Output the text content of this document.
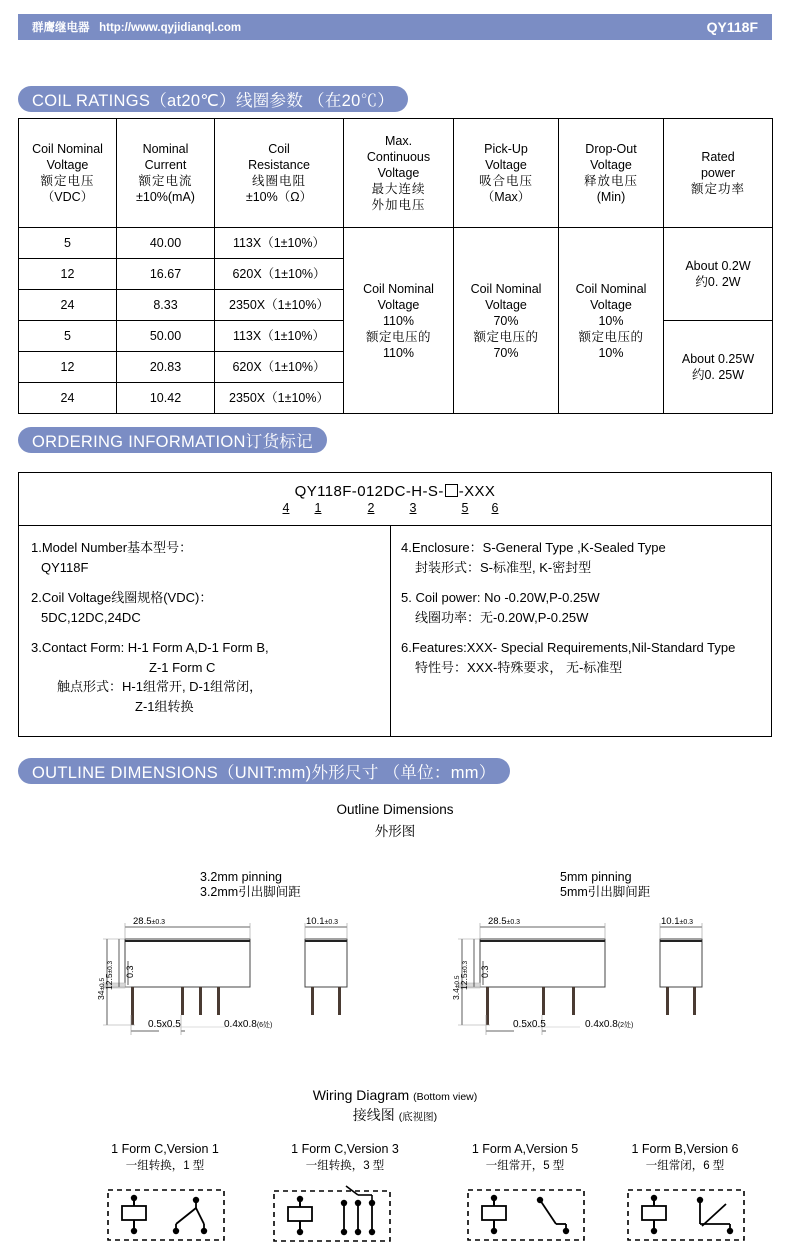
群鹰继电器 http://www.qyjidianql.com	QY118F
COIL RATINGS（at20℃）线圈参数 （在20℃）
Coil Nominal
Voltage
额定电压
（VDC）	Nominal
Current
额定电流
±10%(mA)	Coil
Resistance
线圈电阻
±10%（Ω）	Max.
Continuous
Voltage
最大连续
外加电压	Pick-Up
Voltage
吸合电压
（Max）	Drop-Out
Voltage
释放电压
(Min)	Rated
power
额定功率
5	40.00	113X（1±10%）	Coil Nominal
Voltage
110%
额定电压的
110%	Coil Nominal
Voltage
70%
额定电压的
70%	Coil Nominal
Voltage
10%
额定电压的
10%	About 0.2W
约0. 2W
12	16.67	620X（1±10%）				
24	8.33	2350X（1±10%）				
5	50.00	113X（1±10%）				About 0.25W
约0. 25W
12	20.83	620X（1±10%）				
24	10.42	2350X（1±10%）				
ORDERING INFORMATION订货标记
QY118F-012DC-H-S- -XXX
1	2	3
4	5 6
1.Model Number基本型号：
QY118F
2.Coil Voltage线圈规格(VDC)：
5DC,12DC,24DC
3.Contact Form: H-1 Form A,D-1 Form B,
Z-1 Form C
触点形式：H-1组常开, D-1组常闭，
Z-1组转换
4.Enclosure：S-General Type ,K-Sealed Type
封装形式：S-标准型, K-密封型
5. Coil power: No -0.20W,P-0.25W
线圈功率：无-0.20W,P-0.25W
6.Features:XXX- Special Requirements,Nil-Standard Type
特性号：XXX-特殊要求， 无-标准型
OUTLINE DIMENSIONS（UNIT:mm)外形尺寸 （单位：mm）
Outline Dimensions
外形图
3.2mm pinning
3.2mm引出脚间距
5mm pinning
5mm引出脚间距
28.5±0.3	10.1±0.3
34±0.5
12.5±0.3 0.3
0.5x0.5	0.4x0.8(6处)
28.5±0.3	10.1±0.3
3.4±0.5
12.5±0.3 0.3
0.5x0.5	0.4x0.8(2处)
Wiring Diagram (Bottom view)
接线图 (底视图)
1 Form C,Version 1
一组转换，1 型
1 Form C,Version 3
一组转换，3 型
1 Form A,Version 5
一组常开，5 型
1 Form B,Version 6
一组常闭，6 型
